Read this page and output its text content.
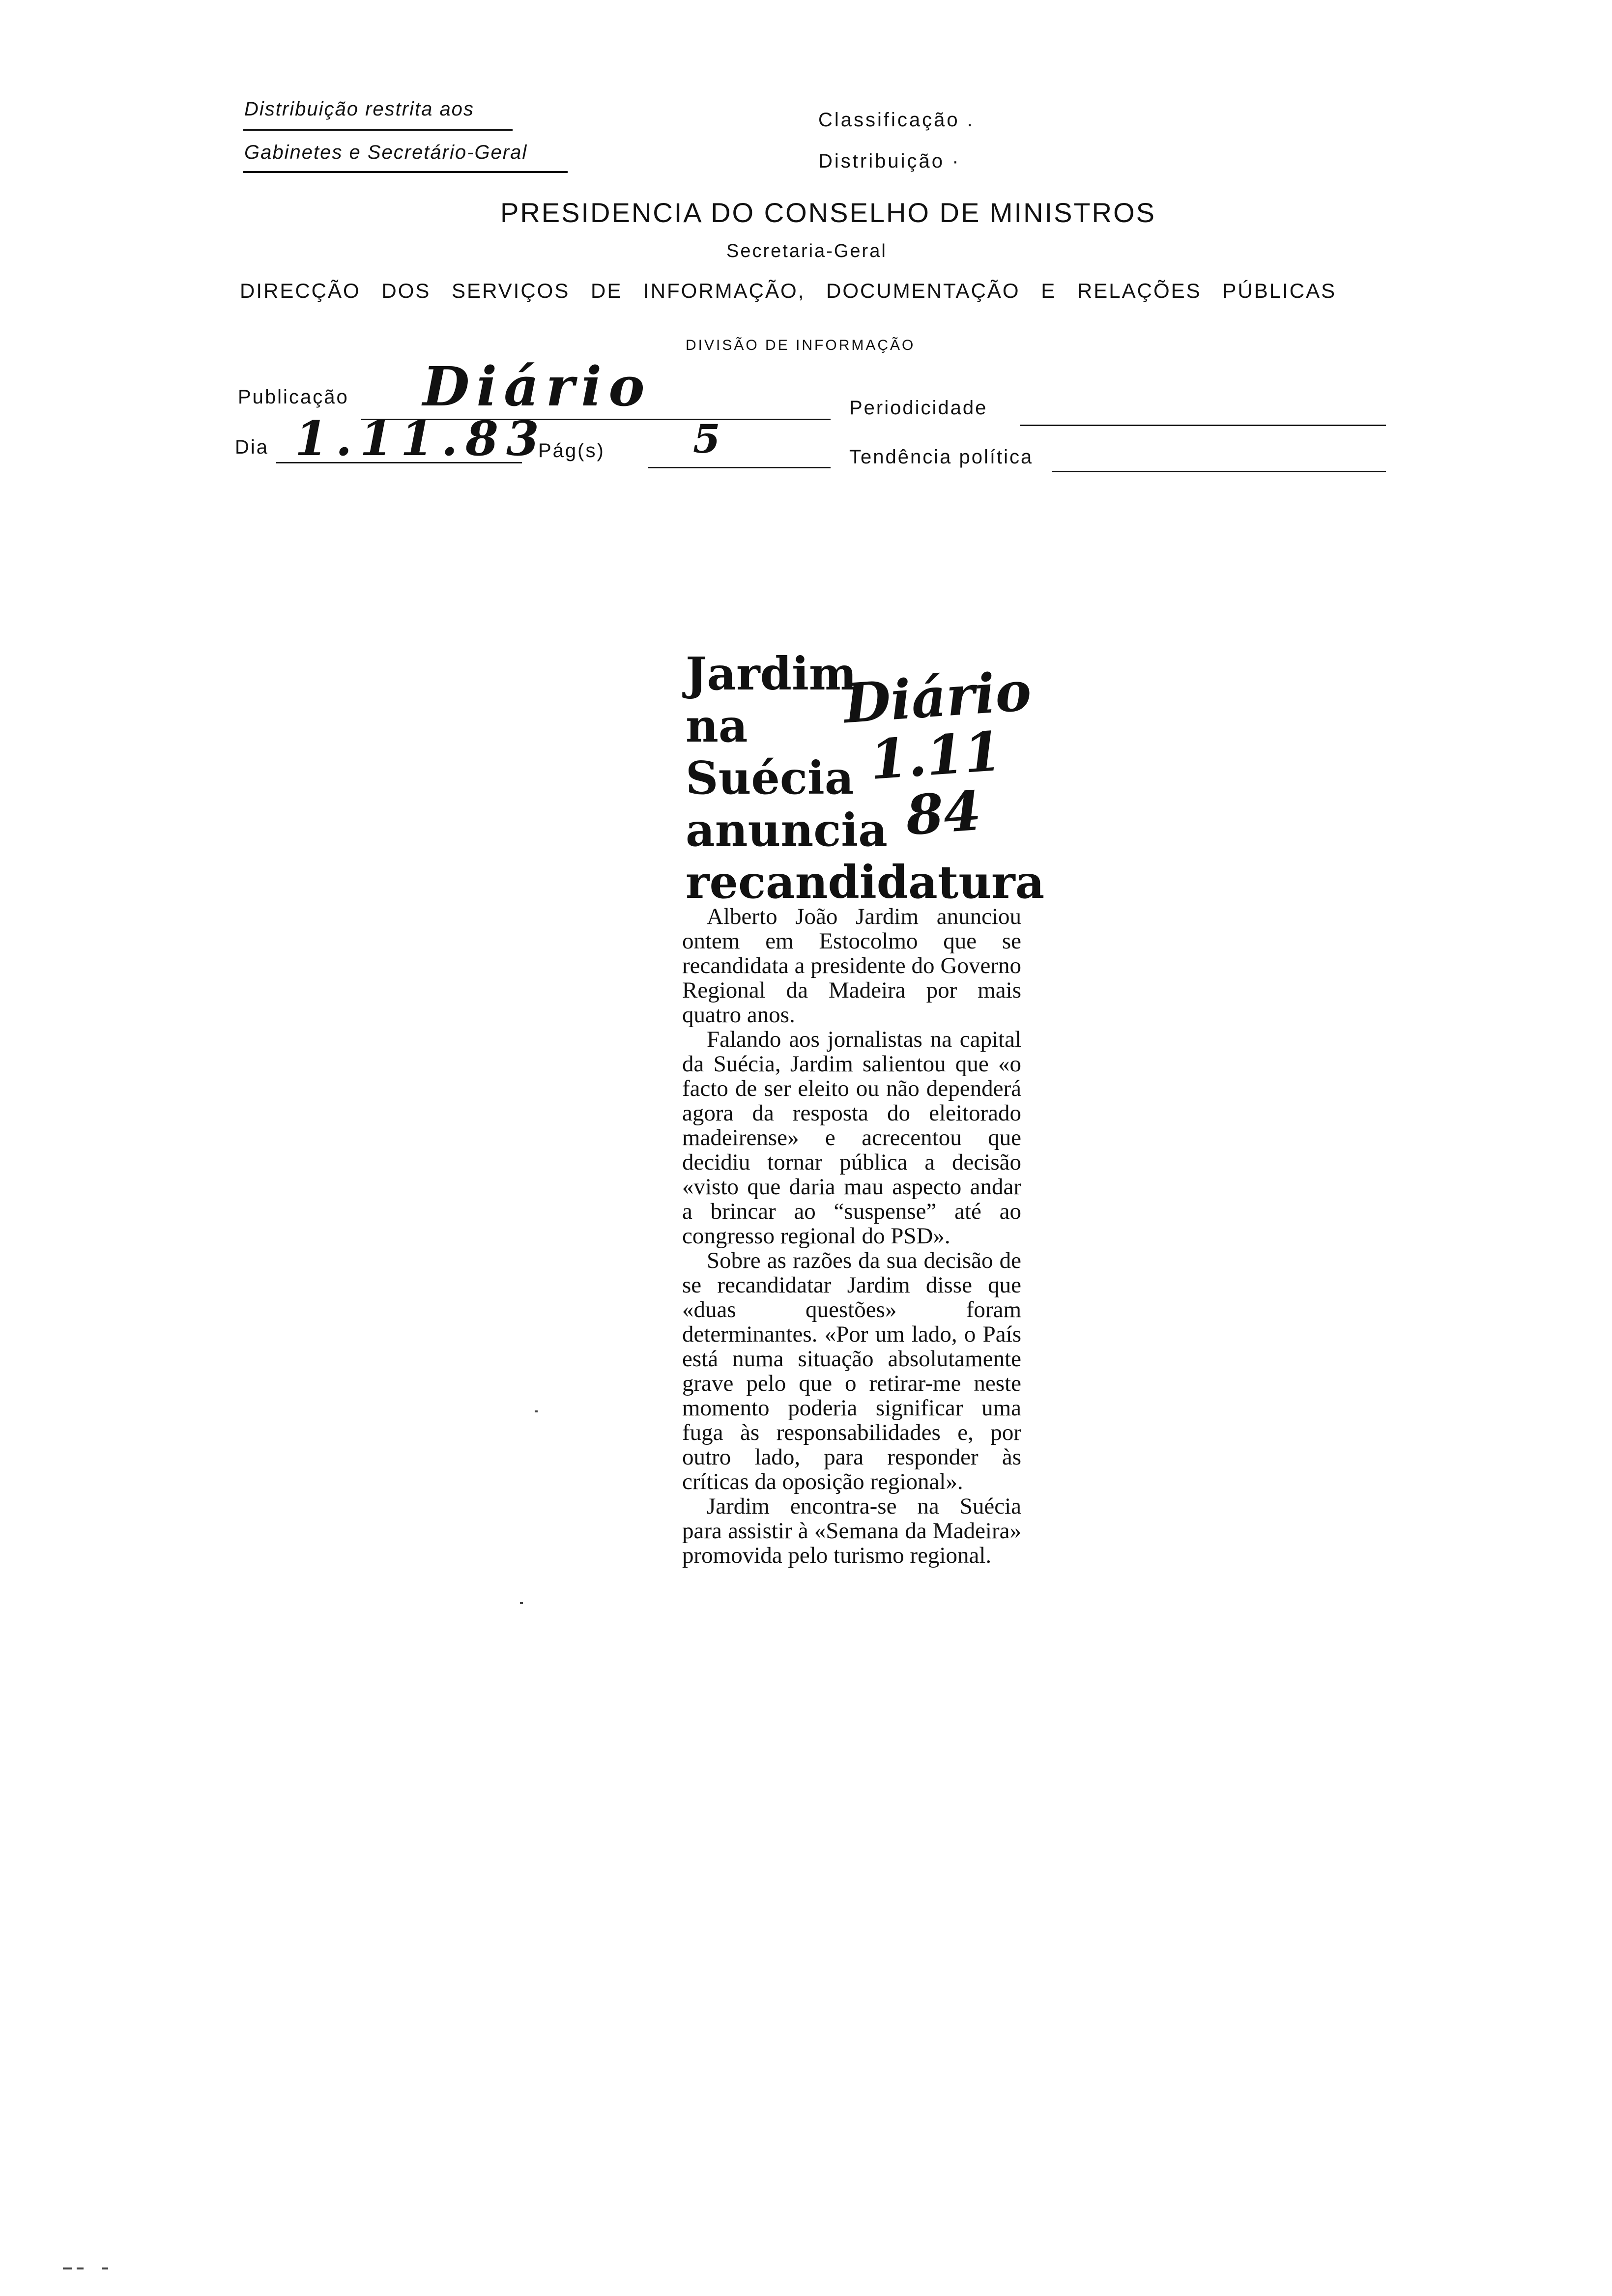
Distribuição restrita aos
Gabinetes e Secretário-Geral
Classificação .
Distribuição ·
PRESIDENCIA DO CONSELHO DE MINISTROS
Secretaria-Geral
DIRECÇÃO DOS SERVIÇOS DE INFORMAÇÃO, DOCUMENTAÇÃO E RELAÇÕES PÚBLICAS
DIVISÃO DE INFORMAÇÃO
Publicação Diário	Periodicidade
Dia 1.11.83
Pág(s) 5	Tendência política
Jardim
na
Suécia
anuncia
recandidatura
Diário
1.11
84

Alberto João Jardim anunciou ontem em Estocolmo que se recandidata a presidente do Governo Regional da Madeira por mais quatro anos.

Falando aos jornalistas na capital da Suécia, Jardim salientou que «o facto de ser eleito ou não dependerá agora da resposta do eleitorado madeirense» e acrecentou que decidiu tornar pública a decisão «visto que daria mau aspecto andar a brincar ao “suspense” até ao congresso regional do PSD».

Sobre as razões da sua decisão de se recandidatar Jardim disse que «duas questões» foram determinantes. «Por um lado, o País está numa situação absolutamente grave pelo que o retirar-me neste momento poderia significar uma fuga às responsabilidades e, por outro lado, para responder às críticas da oposição regional».

Jardim encontra-se na Suécia para assistir à «Semana da Madeira» promovida pelo turismo regional.
